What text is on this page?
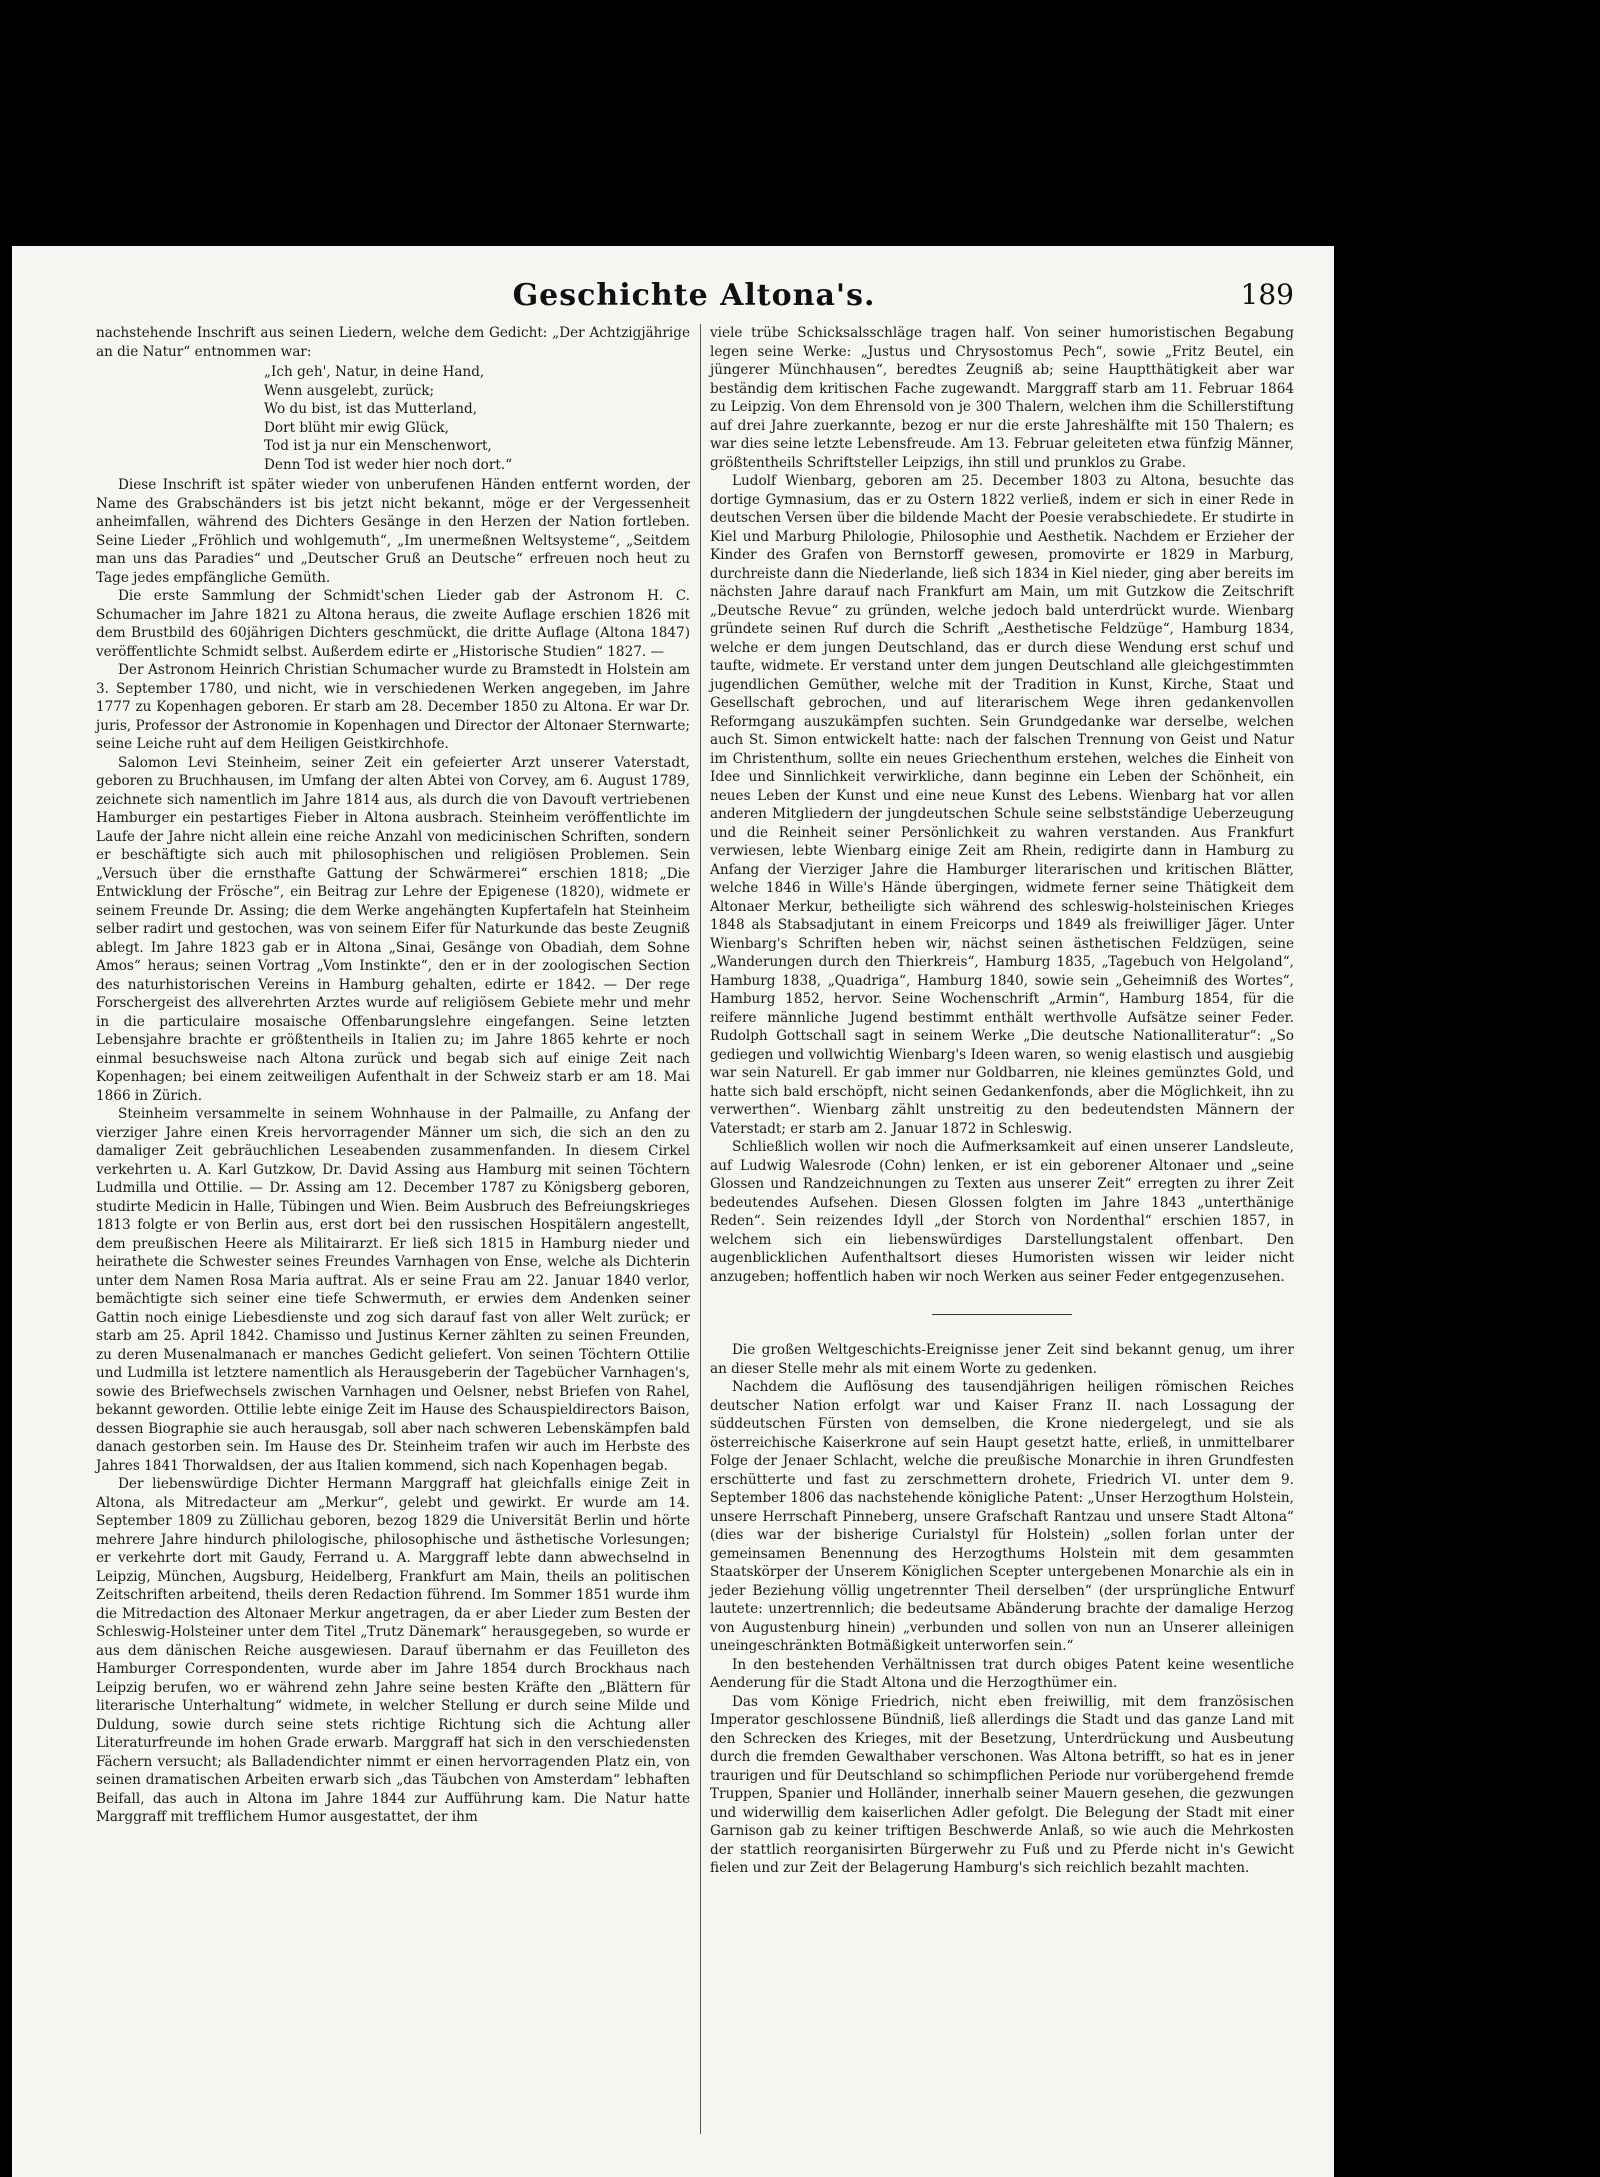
Geschichte Altona's.	189

nachstehende Inschrift aus seinen Liedern, welche dem Gedicht: „Der Achtzigjährige an die Natur“ entnommen war:

„Ich geh', Natur, in deine Hand,
Wenn ausgelebt, zurück;
Wo du bist, ist das Mutterland,
Dort blüht mir ewig Glück,
Tod ist ja nur ein Menschenwort,
Denn Tod ist weder hier noch dort.“

Diese Inschrift ist später wieder von unberufenen Händen entfernt worden, der Name des Grabschänders ist bis jetzt nicht bekannt, möge er der Vergessenheit anheimfallen, während des Dichters Gesänge in den Herzen der Nation fortleben. Seine Lieder „Fröhlich und wohlgemuth“, „Im unermeßnen Weltsysteme“, „Seitdem man uns das Paradies“ und „Deutscher Gruß an Deutsche“ erfreuen noch heut zu Tage jedes empfängliche Gemüth.

Die erste Sammlung der Schmidt'schen Lieder gab der Astronom H. C. Schumacher im Jahre 1821 zu Altona heraus, die zweite Auflage erschien 1826 mit dem Brustbild des 60jährigen Dichters geschmückt, die dritte Auflage (Altona 1847) veröffentlichte Schmidt selbst. Außerdem edirte er „Historische Studien“ 1827. —

Der Astronom Heinrich Christian Schumacher wurde zu Bramstedt in Holstein am 3. September 1780, und nicht, wie in verschiedenen Werken angegeben, im Jahre 1777 zu Kopenhagen geboren. Er starb am 28. December 1850 zu Altona. Er war Dr. juris, Professor der Astronomie in Kopenhagen und Director der Altonaer Sternwarte; seine Leiche ruht auf dem Heiligen Geistkirchhofe.

Salomon Levi Steinheim, seiner Zeit ein gefeierter Arzt unserer Vaterstadt, geboren zu Bruchhausen, im Umfang der alten Abtei von Corvey, am 6. August 1789, zeichnete sich namentlich im Jahre 1814 aus, als durch die von Davouft vertriebenen Hamburger ein pestartiges Fieber in Altona ausbrach. Steinheim veröffentlichte im Laufe der Jahre nicht allein eine reiche Anzahl von medicinischen Schriften, sondern er beschäftigte sich auch mit philosophischen und religiösen Problemen. Sein „Versuch über die ernsthafte Gattung der Schwärmerei“ erschien 1818; „Die Entwicklung der Frösche“, ein Beitrag zur Lehre der Epigenese (1820), widmete er seinem Freunde Dr. Assing; die dem Werke angehängten Kupfertafeln hat Steinheim selber radirt und gestochen, was von seinem Eifer für Naturkunde das beste Zeugniß ablegt. Im Jahre 1823 gab er in Altona „Sinai, Gesänge von Obadiah, dem Sohne Amos“ heraus; seinen Vortrag „Vom Instinkte“, den er in der zoologischen Section des naturhistorischen Vereins in Hamburg gehalten, edirte er 1842. — Der rege Forschergeist des allverehrten Arztes wurde auf religiösem Gebiete mehr und mehr in die particulaire mosaische Offenbarungslehre eingefangen. Seine letzten Lebensjahre brachte er größtentheils in Italien zu; im Jahre 1865 kehrte er noch einmal besuchsweise nach Altona zurück und begab sich auf einige Zeit nach Kopenhagen; bei einem zeitweiligen Aufenthalt in der Schweiz starb er am 18. Mai 1866 in Zürich.

Steinheim versammelte in seinem Wohnhause in der Palmaille, zu Anfang der vierziger Jahre einen Kreis hervorragender Männer um sich, die sich an den zu damaliger Zeit gebräuchlichen Leseabenden zusammenfanden. In diesem Cirkel verkehrten u. A. Karl Gutzkow, Dr. David Assing aus Hamburg mit seinen Töchtern Ludmilla und Ottilie. — Dr. Assing am 12. December 1787 zu Königsberg geboren, studirte Medicin in Halle, Tübingen und Wien. Beim Ausbruch des Befreiungskrieges 1813 folgte er von Berlin aus, erst dort bei den russischen Hospitälern angestellt, dem preußischen Heere als Militairarzt. Er ließ sich 1815 in Hamburg nieder und heirathete die Schwester seines Freundes Varnhagen von Ense, welche als Dichterin unter dem Namen Rosa Maria auftrat. Als er seine Frau am 22. Januar 1840 verlor, bemächtigte sich seiner eine tiefe Schwermuth, er erwies dem Andenken seiner Gattin noch einige Liebesdienste und zog sich darauf fast von aller Welt zurück; er starb am 25. April 1842. Chamisso und Justinus Kerner zählten zu seinen Freunden, zu deren Musenalmanach er manches Gedicht geliefert. Von seinen Töchtern Ottilie und Ludmilla ist letztere namentlich als Herausgeberin der Tagebücher Varnhagen's, sowie des Briefwechsels zwischen Varnhagen und Oelsner, nebst Briefen von Rahel, bekannt geworden. Ottilie lebte einige Zeit im Hause des Schauspieldirectors Baison, dessen Biographie sie auch herausgab, soll aber nach schweren Lebenskämpfen bald danach gestorben sein. Im Hause des Dr. Steinheim trafen wir auch im Herbste des Jahres 1841 Thorwaldsen, der aus Italien kommend, sich nach Kopenhagen begab.

Der liebenswürdige Dichter Hermann Marggraff hat gleichfalls einige Zeit in Altona, als Mitredacteur am „Merkur“, gelebt und gewirkt. Er wurde am 14. September 1809 zu Züllichau geboren, bezog 1829 die Universität Berlin und hörte mehrere Jahre hindurch philologische, philosophische und ästhetische Vorlesungen; er verkehrte dort mit Gaudy, Ferrand u. A. Marggraff lebte dann abwechselnd in Leipzig, München, Augsburg, Heidelberg, Frankfurt am Main, theils an politischen Zeitschriften arbeitend, theils deren Redaction führend. Im Sommer 1851 wurde ihm die Mitredaction des Altonaer Merkur angetragen, da er aber Lieder zum Besten der Schleswig-Holsteiner unter dem Titel „Trutz Dänemark“ herausgegeben, so wurde er aus dem dänischen Reiche ausgewiesen. Darauf übernahm er das Feuilleton des Hamburger Correspondenten, wurde aber im Jahre 1854 durch Brockhaus nach Leipzig berufen, wo er während zehn Jahre seine besten Kräfte den „Blättern für literarische Unterhaltung“ widmete, in welcher Stellung er durch seine Milde und Duldung, sowie durch seine stets richtige Richtung sich die Achtung aller Literaturfreunde im hohen Grade erwarb. Marggraff hat sich in den verschiedensten Fächern versucht; als Balladendichter nimmt er einen hervorragenden Platz ein, von seinen dramatischen Arbeiten erwarb sich „das Täubchen von Amsterdam“ lebhaften Beifall, das auch in Altona im Jahre 1844 zur Aufführung kam. Die Natur hatte Marggraff mit trefflichem Humor ausgestattet, der ihm

viele trübe Schicksalsschläge tragen half. Von seiner humoristischen Begabung legen seine Werke: „Justus und Chrysostomus Pech“, sowie „Fritz Beutel, ein jüngerer Münchhausen“, beredtes Zeugniß ab; seine Hauptthätigkeit aber war beständig dem kritischen Fache zugewandt. Marggraff starb am 11. Februar 1864 zu Leipzig. Von dem Ehrensold von je 300 Thalern, welchen ihm die Schillerstiftung auf drei Jahre zuerkannte, bezog er nur die erste Jahreshälfte mit 150 Thalern; es war dies seine letzte Lebensfreude. Am 13. Februar geleiteten etwa fünfzig Männer, größtentheils Schriftsteller Leipzigs, ihn still und prunklos zu Grabe.

Ludolf Wienbarg, geboren am 25. December 1803 zu Altona, besuchte das dortige Gymnasium, das er zu Ostern 1822 verließ, indem er sich in einer Rede in deutschen Versen über die bildende Macht der Poesie verabschiedete. Er studirte in Kiel und Marburg Philologie, Philosophie und Aesthetik. Nachdem er Erzieher der Kinder des Grafen von Bernstorff gewesen, promovirte er 1829 in Marburg, durchreiste dann die Niederlande, ließ sich 1834 in Kiel nieder, ging aber bereits im nächsten Jahre darauf nach Frankfurt am Main, um mit Gutzkow die Zeitschrift „Deutsche Revue“ zu gründen, welche jedoch bald unterdrückt wurde. Wienbarg gründete seinen Ruf durch die Schrift „Aesthetische Feldzüge“, Hamburg 1834, welche er dem jungen Deutschland, das er durch diese Wendung erst schuf und taufte, widmete. Er verstand unter dem jungen Deutschland alle gleichgestimmten jugendlichen Gemüther, welche mit der Tradition in Kunst, Kirche, Staat und Gesellschaft gebrochen, und auf literarischem Wege ihren gedankenvollen Reformgang auszukämpfen suchten. Sein Grundgedanke war derselbe, welchen auch St. Simon entwickelt hatte: nach der falschen Trennung von Geist und Natur im Christenthum, sollte ein neues Griechenthum erstehen, welches die Einheit von Idee und Sinnlichkeit verwirkliche, dann beginne ein Leben der Schönheit, ein neues Leben der Kunst und eine neue Kunst des Lebens. Wienbarg hat vor allen anderen Mitgliedern der jungdeutschen Schule seine selbstständige Ueberzeugung und die Reinheit seiner Persönlichkeit zu wahren verstanden. Aus Frankfurt verwiesen, lebte Wienbarg einige Zeit am Rhein, redigirte dann in Hamburg zu Anfang der Vierziger Jahre die Hamburger literarischen und kritischen Blätter, welche 1846 in Wille's Hände übergingen, widmete ferner seine Thätigkeit dem Altonaer Merkur, betheiligte sich während des schleswig-holsteinischen Krieges 1848 als Stabsadjutant in einem Freicorps und 1849 als freiwilliger Jäger. Unter Wienbarg's Schriften heben wir, nächst seinen ästhetischen Feldzügen, seine „Wanderungen durch den Thierkreis“, Hamburg 1835, „Tagebuch von Helgoland“, Hamburg 1838, „Quadriga“, Hamburg 1840, sowie sein „Geheimniß des Wortes“, Hamburg 1852, hervor. Seine Wochenschrift „Armin“, Hamburg 1854, für die reifere männliche Jugend bestimmt enthält werthvolle Aufsätze seiner Feder. Rudolph Gottschall sagt in seinem Werke „Die deutsche Nationalliteratur“: „So gediegen und vollwichtig Wienbarg's Ideen waren, so wenig elastisch und ausgiebig war sein Naturell. Er gab immer nur Goldbarren, nie kleines gemünztes Gold, und hatte sich bald erschöpft, nicht seinen Gedankenfonds, aber die Möglichkeit, ihn zu verwerthen“. Wienbarg zählt unstreitig zu den bedeutendsten Männern der Vaterstadt; er starb am 2. Januar 1872 in Schleswig.

Schließlich wollen wir noch die Aufmerksamkeit auf einen unserer Landsleute, auf Ludwig Walesrode (Cohn) lenken, er ist ein geborener Altonaer und „seine Glossen und Randzeichnungen zu Texten aus unserer Zeit“ erregten zu ihrer Zeit bedeutendes Aufsehen. Diesen Glossen folgten im Jahre 1843 „unterthänige Reden“. Sein reizendes Idyll „der Storch von Nordenthal“ erschien 1857, in welchem sich ein liebenswürdiges Darstellungstalent offenbart. Den augenblicklichen Aufenthaltsort dieses Humoristen wissen wir leider nicht anzugeben; hoffentlich haben wir noch Werken aus seiner Feder entgegenzusehen.

Die großen Weltgeschichts-Ereignisse jener Zeit sind bekannt genug, um ihrer an dieser Stelle mehr als mit einem Worte zu gedenken.

Nachdem die Auflösung des tausendjährigen heiligen römischen Reiches deutscher Nation erfolgt war und Kaiser Franz II. nach Lossagung der süddeutschen Fürsten von demselben, die Krone niedergelegt, und sie als österreichische Kaiserkrone auf sein Haupt gesetzt hatte, erließ, in unmittelbarer Folge der Jenaer Schlacht, welche die preußische Monarchie in ihren Grundfesten erschütterte und fast zu zerschmettern drohete, Friedrich VI. unter dem 9. September 1806 das nachstehende königliche Patent: „Unser Herzogthum Holstein, unsere Herrschaft Pinneberg, unsere Grafschaft Rantzau und unsere Stadt Altona“ (dies war der bisherige Curialstyl für Holstein) „sollen forlan unter der gemeinsamen Benennung des Herzogthums Holstein mit dem gesammten Staatskörper der Unserem Königlichen Scepter untergebenen Monarchie als ein in jeder Beziehung völlig ungetrennter Theil derselben“ (der ursprüngliche Entwurf lautete: unzertrennlich; die bedeutsame Abänderung brachte der damalige Herzog von Augustenburg hinein) „verbunden und sollen von nun an Unserer alleinigen uneingeschränkten Botmäßigkeit unterworfen sein.“

In den bestehenden Verhältnissen trat durch obiges Patent keine wesentliche Aenderung für die Stadt Altona und die Herzogthümer ein.

Das vom Könige Friedrich, nicht eben freiwillig, mit dem französischen Imperator geschlossene Bündniß, ließ allerdings die Stadt und das ganze Land mit den Schrecken des Krieges, mit der Besetzung, Unterdrückung und Ausbeutung durch die fremden Gewalthaber verschonen. Was Altona betrifft, so hat es in jener traurigen und für Deutschland so schimpflichen Periode nur vorübergehend fremde Truppen, Spanier und Holländer, innerhalb seiner Mauern gesehen, die gezwungen und widerwillig dem kaiserlichen Adler gefolgt. Die Belegung der Stadt mit einer Garnison gab zu keiner triftigen Beschwerde Anlaß, so wie auch die Mehrkosten der stattlich reorganisirten Bürgerwehr zu Fuß und zu Pferde nicht in's Gewicht fielen und zur Zeit der Belagerung Hamburg's sich reichlich bezahlt machten.
